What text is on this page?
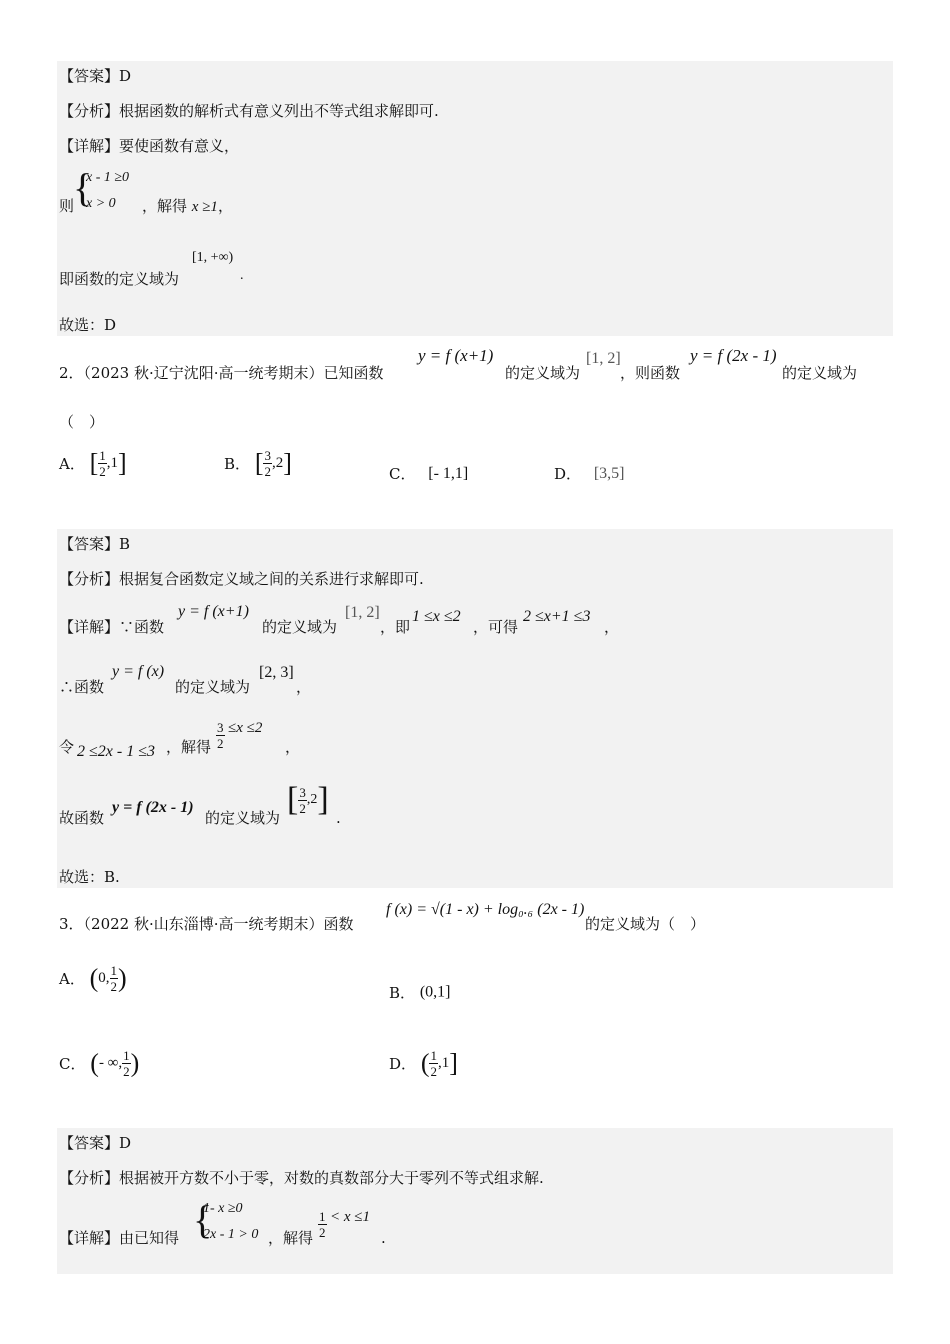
【答案】D
【分析】根据函数的解析式有意义列出不等式组求解即可.
【详解】要使函数有意义，
则
{
x - 1 ≥0
x > 0 ，解得 x ≥1，
即函数的定义域为
[1, +∞)
.
故选：D
2．（2023 秋·辽宁沈阳·高一统考期末）已知函数
y = f (x+1)
的定义域为
[1, 2]
，则函数
y = f (2x - 1)
的定义域为
（　）
A． [ $\frac{1}{2} ,1$]	B． [ $\frac{3}{2} ,2$]	C． [- 1,1]	D． [3,5]
【答案】B
【分析】根据复合函数定义域之间的关系进行求解即可.
【详解】∵函数
y = f (x+1)
的定义域为
[1, 2]
，即
1 ≤x ≤2
，可得
2 ≤x+1 ≤3
，
∴函数
y = f (x)
的定义域为
[2, 3]
，
令 2 ≤2x - 1 ≤3 ，解得 $\frac{3}{2} \le x \le 2$
，
故函数
y = f (2x - 1)
的定义域为 [ $\frac{3}{2} ,2$] .
故选：B.
3．（2022 秋·山东淄博·高一统考期末）函数
f (x) = √(1 - x) + log₀.₆ (2x - 1)
的定义域为（　）
A． (0, $\frac{1}{2}$ )
B． (0,1]
C． (- ∞, $\frac{1}{2}$ )	D． ( $\frac{1}{2} ,1$]
【答案】D
【分析】根据被开方数不小于零，对数的真数部分大于零列不等式组求解.
【详解】由已知得 {
1- x ≥0
2x - 1 > 0 ，解得 $\frac{1}{2} < x \le 1$
.
